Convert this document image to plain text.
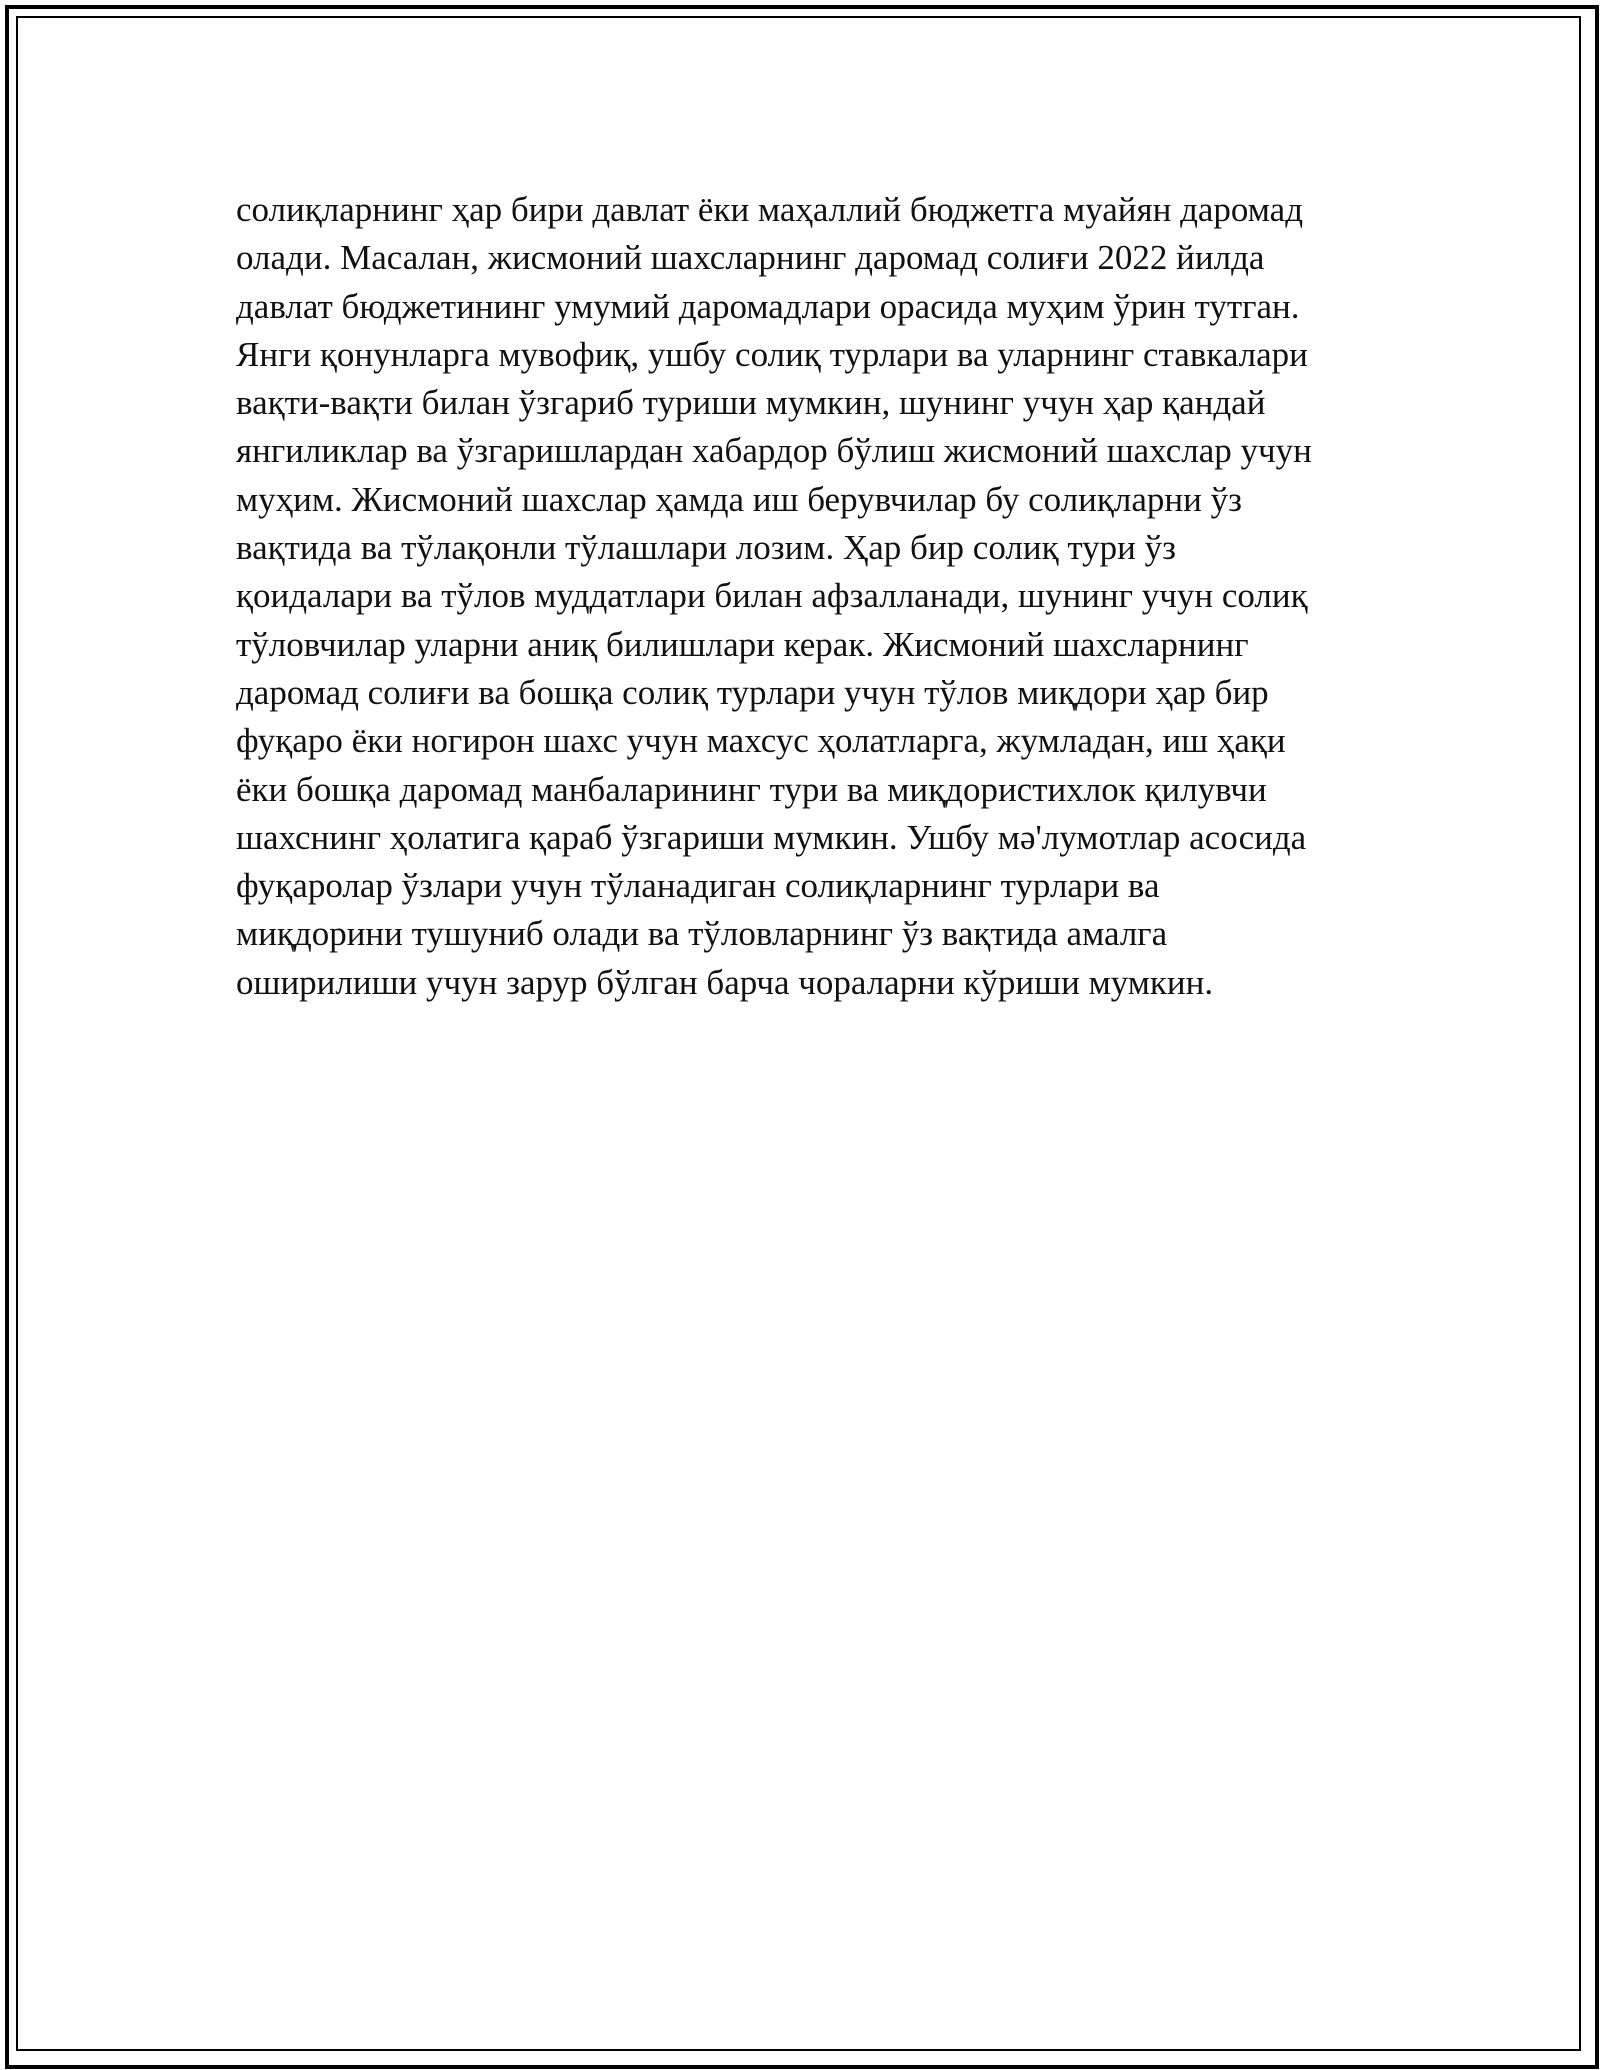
солиқларнинг ҳар бири давлат ёки маҳаллий бюджетга муайян даромад
олади. Масалан, жисмоний шахсларнинг даромад солиғи 2022 йилда
давлат бюджетининг умумий даромадлари орасида муҳим ўрин тутган.
Янги қонунларга мувофиқ, ушбу солиқ турлари ва уларнинг ставкалари
вақти-вақти билан ўзгариб туриши мумкин, шунинг учун ҳар қандай
янгиликлар ва ўзгаришлардан хабардор бўлиш жисмоний шахслар учун
муҳим. Жисмоний шахслар ҳамда иш берувчилар бу солиқларни ўз
вақтида ва тўлақонли тўлашлари лозим. Ҳар бир солиқ тури ўз
қоидалари ва тўлов муддатлари билан афзалланади, шунинг учун солиқ
тўловчилар уларни аниқ билишлари керак. Жисмоний шахсларнинг
даромад солиғи ва бошқа солиқ турлари учун тўлов миқдори ҳар бир
фуқаро ёки ногирон шахс учун махсус ҳолатларга, жумладан, иш ҳақи
ёки бошқа даромад манбаларининг тури ва миқдористихлок қилувчи
шахснинг ҳолатига қараб ўзгариши мумкин. Ушбу мә'лумотлар асосида
фуқаролар ўзлари учун тўланадиган солиқларнинг турлари ва
миқдорини тушуниб олади ва тўловларнинг ўз вақтида амалга
оширилиши учун зарур бўлган барча чораларни кўриши мумкин.
